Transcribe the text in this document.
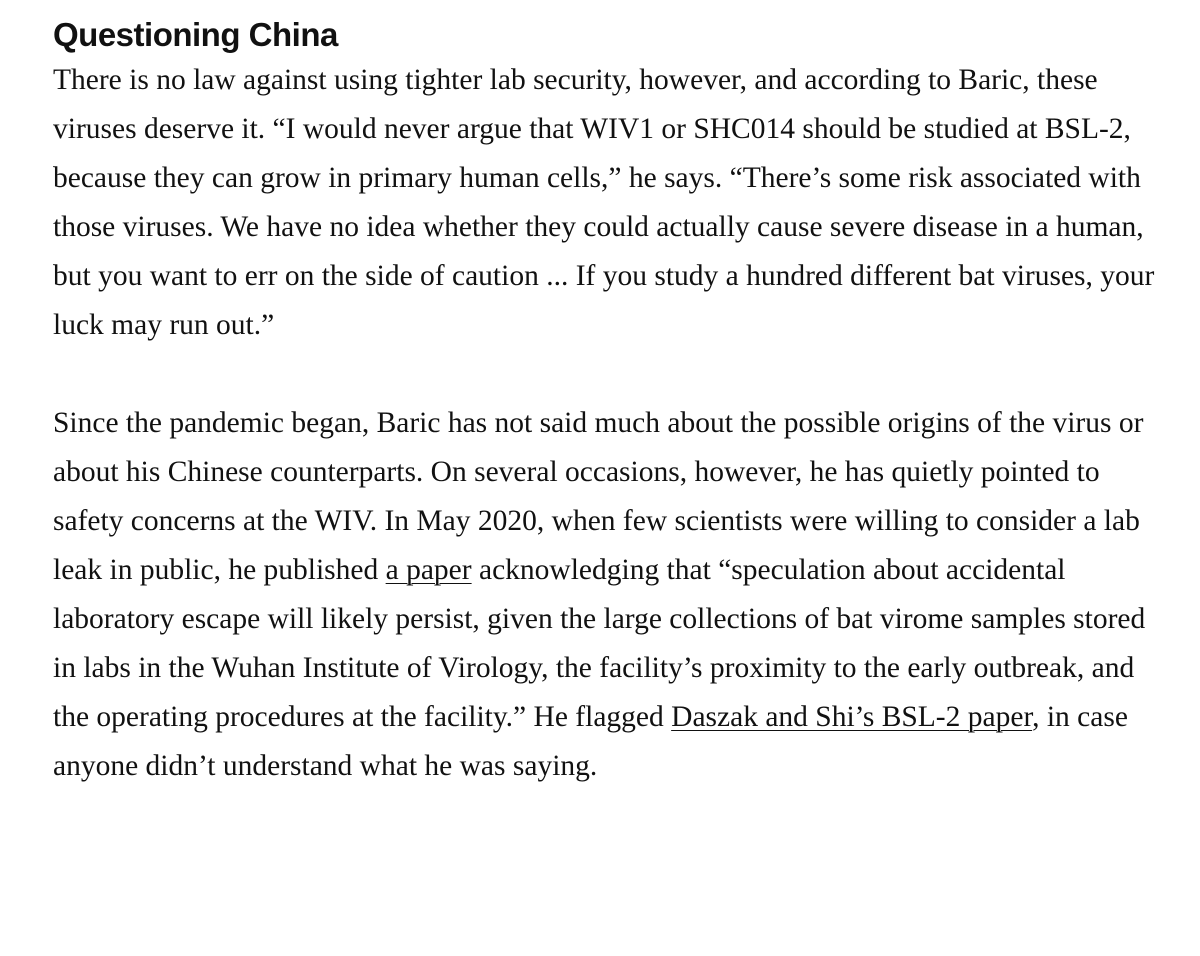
Questioning China

There is no law against using tighter lab security, however, and according to Baric, these viruses deserve it. “I would never argue that WIV1 or SHC014 should be studied at BSL-2, because they can grow in primary human cells,” he says. “There’s some risk associated with those viruses. We have no idea whether they could actually cause severe disease in a human, but you want to err on the side of caution ... If you study a hundred different bat viruses, your luck may run out.”

Since the pandemic began, Baric has not said much about the possible origins of the virus or about his Chinese counterparts. On several occasions, however, he has quietly pointed to safety concerns at the WIV. In May 2020, when few scientists were willing to consider a lab leak in public, he published a paper acknowledging that “speculation about accidental laboratory escape will likely persist, given the large collections of bat virome samples stored in labs in the Wuhan Institute of Virology, the facility’s proximity to the early outbreak, and the operating procedures at the facility.” He flagged Daszak and Shi’s BSL-2 paper, in case anyone didn’t understand what he was saying.
